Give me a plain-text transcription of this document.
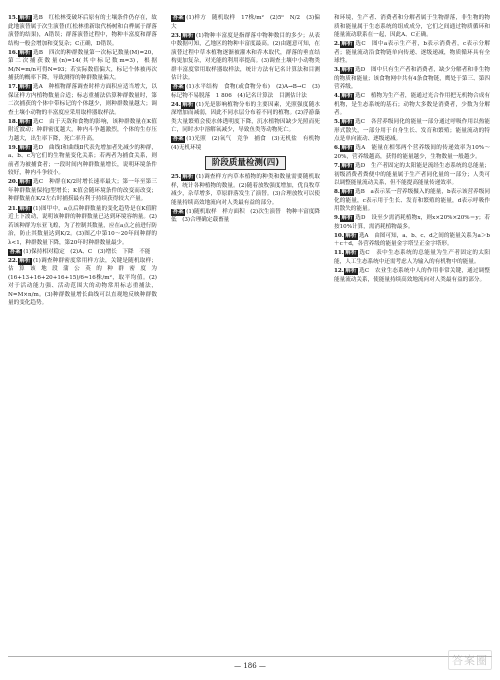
15. 解析 选B　红松林受破坏后原有的土壤条件仍存在，故此地演替属于次生演替(红松林重新取代杨树和白桦属于群落演替的结果)，A错误；群落演替过程中，物种丰富度和群落结构一般会增加和变复杂；C正确，D错误。
16. 解析 选B　四次的种群数量第一次标记数量(M)=20，第二次捕获数量(n)=14(其中标记数m=3)，根据M/N=m/n可得N=93；若实际数值偏大，标记个体被再次捕获的概率下降，导致测得的种群数量偏大。
17. 解析 选A　种植物群落调查时样方面积应适当增大，以保证样方内植物数量合适；标志重捕法估算种群数量时，第二次捕获的个体中带标记的个体越少，则种群数量越大；调查土壤小动物的丰富度应采用取样器取样法。
18. 解析 选C　由于天敌和食物的影响，该种群数量在K值附近波动；种群密度越大，种内斗争越激烈，个体的生存压力越大，出生率下降，死亡率升高。
19. 解析 选D　曲线Ⅰ和曲线Ⅱ代表先增加者先减少的种群，a、b、c为它们的生物量变化关系；若两者为捕食关系，则前者为被捕食者；一段时间内种群数量增长，说明环境条件较好，种内斗争较小。
20. 解析 选C　种群在K/2时增长速率最大；第一年至第三年种群数量保持J型增长；K值会随环境条件的改变而改变；种群数量在K/2左右时捕捞最有利于持续获得较大产量。
21. 解析 (1)图甲中，a点后种群数量的变化趋势是在K值附近上下波动，说明该种群的种群数量已达到环境容纳量。(2)若该种群为东亚飞蝗，为了控制其数量，应在a点之前进行防治，防止其数量达到K/2。(3)图乙中第10～20年间种群的λ<1，种群数量下降，第20年时种群数量最少。
答案 (1)保持相对稳定　(2)A、C　(3)增长　下降　不能
22. 解析 (1)调查种群密度常用样方法，关键是随机取样；估算该地段蒲公英的种群密度为(16+13+16+20+16+15)/6≈16株/m²，取平均值。(2)对于活动能力强、活动范围大的动物常用标志重捕法，N=M×n/m。(3)种群数量增长曲线可以直观地反映种群数量的变化趋势。
答案 (1)样方　随机取样　17株/m²　(2)5⁰　N/2　(3)偏大
23. 解析 (1)物种丰富度是指群落中物种数目的多少；从表中数据可知，乙地区的物种丰富度最高。(2)由题意可知，在演替过程中草本植物逐渐被灌木和乔木取代，群落的垂直结构更加复杂，对光能的利用率提高。(3)调查土壤中小动物类群丰富度常用取样器取样法，统计方法有记名计算法和目测估计法。
答案 (1)水平结构　食物(或食物分布)　(2)A→B→C　(3)标记物不易脱落　1 806　(4)记名计算法　目测估计法
24. 解析 (1)光是影响植物分布的主要因素，光照强度随水深增加而减弱，因此不同水层分布着不同的植物。(2)浮游藻类大量繁殖会使水体透明度下降，沉水植物因缺少光照而死亡，同时水中溶解氧减少，导致鱼类等动物死亡。
答案 (1)光照　(2)氧气　竞争　捕食　(3)无机盐　有机物　(4)无机环境
阶段质量检测(四)
25. 解析 (1)调查样方内草本植物的种类和数量需要随机取样，统计各种植物的数量。(2)随着放牧强度增加，优良牧草减少，杂草增多，草原群落发生了演替。(3)合理放牧可以使能量持续高效地流向对人类最有益的部分。
答案 (1)随机取样　样方面积　(2)次生演替　物种丰富度降低　(3)合理确定载畜量
和环境，生产者、消费者和分解者属于生物群落，非生物的物质和能量属于生态系统的组成成分，它们之间通过物质循环和能量流动联系在一起，因此A、C正确。
2. 解析 选C　图中a表示生产者，b表示消费者，c表示分解者；能量流动沿食物链单向传递、逐级递减，物质循环具有全球性。
3. 解析 选D　图中只有生产者和消费者，缺少分解者和非生物的物质和能量；该食物网中共有4条食物链，鹰处于第三、第四营养级。
4. 解析 选C　植物为生产者，能通过光合作用把无机物合成有机物，是生态系统的基石；动物大多数是消费者，少数为分解者。
5. 解析 选C　各营养级同化的能量一部分通过呼吸作用以热能形式散失，一部分用于自身生长、发育和繁殖；能量流动的特点是单向流动、逐级递减。
6. 解析 选A　能量在相邻两个营养级间的传递效率为10%～20%，营养级越高，获得的能量越少，生物数量一般越少。
7. 解析 选D　生产者固定的太阳能是流经生态系统的总能量；初级消费者粪便中的能量属于生产者同化量的一部分；人类可以调整能量流动关系，但不能提高能量传递效率。
8. 解析 选B　a表示某一营养级摄入的能量，b表示该营养级同化的能量，c表示用于生长、发育和繁殖的能量，d表示呼吸作用散失的能量。
9. 解析 选D　设至少需消耗植物x，则x×20%×20%＝y；若按10%计算，需消耗植物最多。
10. 解析 选A　由图可知，a、b、c、d之间的能量关系为a＞b＋c＋d，各营养级的能量金字塔呈正金字塔形。
11. 解析 选C　表中生态系统的总能量为生产者固定的太阳能，人工生态系统中还需考虑人为输入的有机物中的能量。
12. 解析 选C　农业生态系统中人的作用非常关键，通过调整能量流动关系，使能量持续高效地流向对人类最有益的部分。
— 186 —	答案圈
